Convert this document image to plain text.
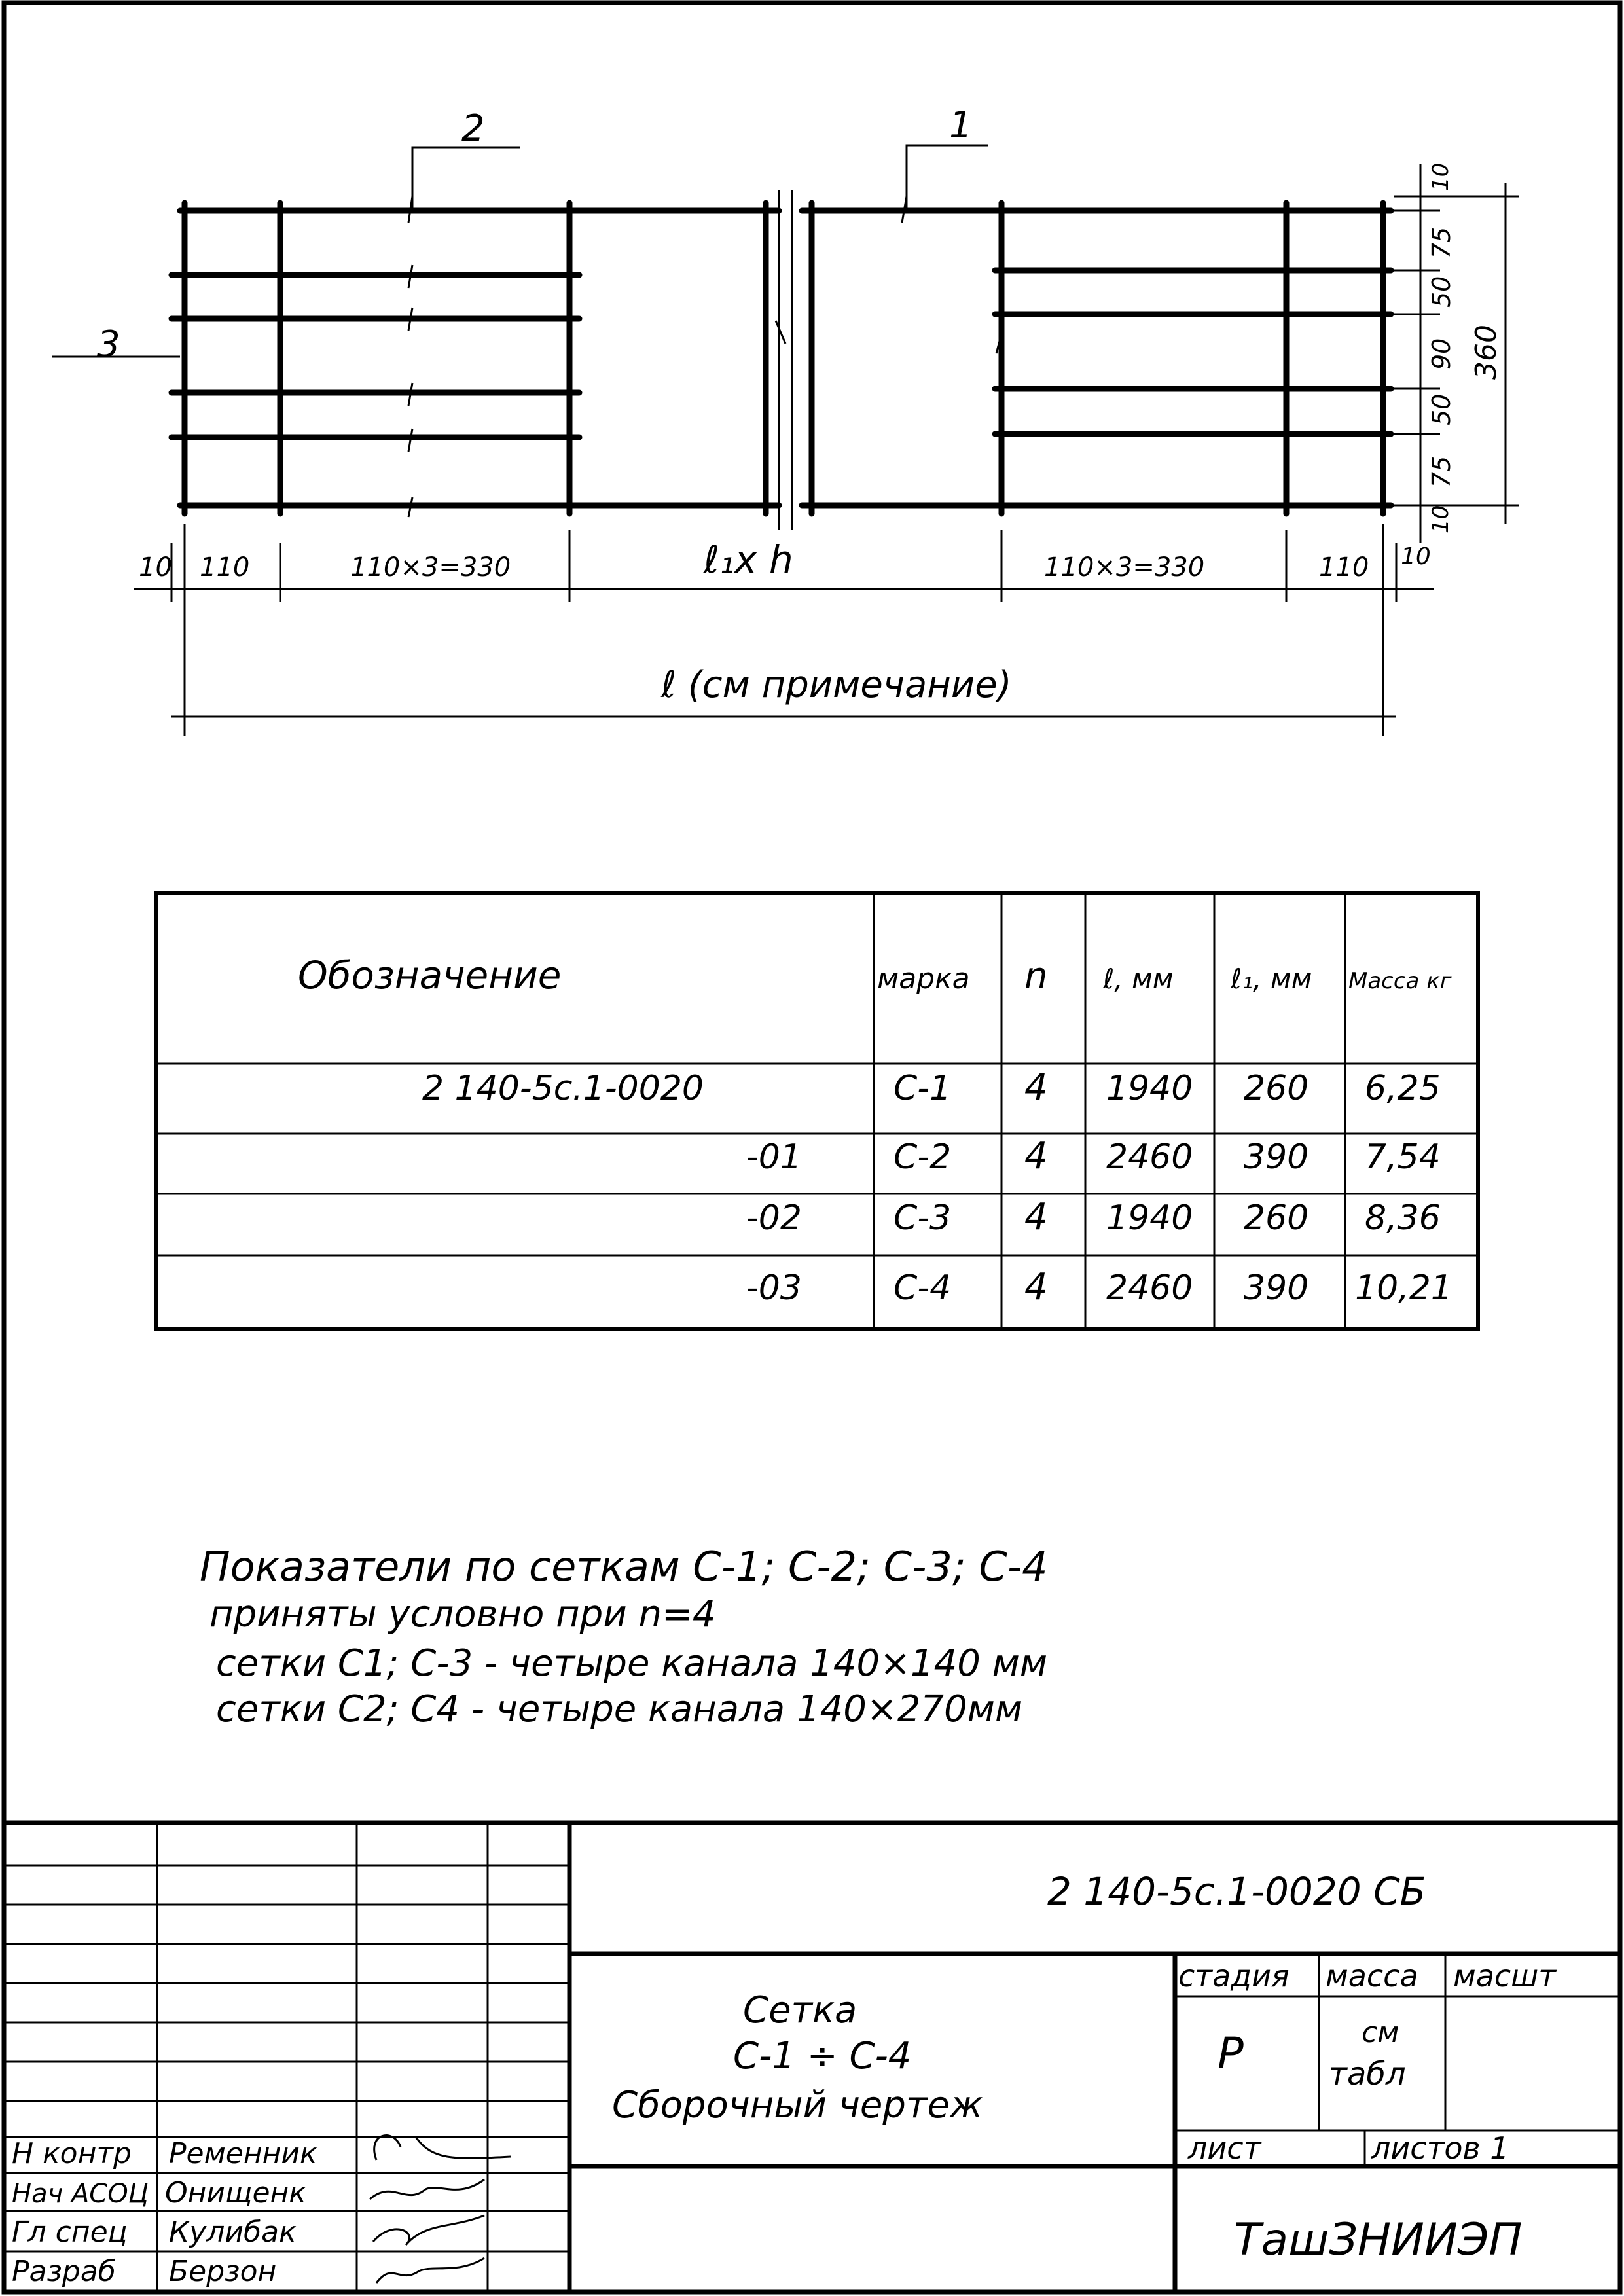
2	1
3
10 110	110×3=330	ℓ₁x h	110×3=330	110 10
ℓ (см примечание)
10
75
50
90
50
75
10
360
Обозначение	марка n ℓ, мм ℓ₁, мм Масса кг
2 140-5с.1-0020	С-1 4 1940 260 6,25
-01	С-2 4 2460 390 7,54
-02	С-3 4 1940 260 8,36
-03	С-4 4 2460 390 10,21
Показатели по сеткам С-1; С-2; С-3; С-4
приняты условно при n=4
сетки С1; С-3 - четыре канала 140×140 мм
сетки С2; С4 - четыре канала 140×270мм
Н контр Ременник
Нач АСОЦ Онищенк
Гл спец Кулибак
Разраб Берзон
2 140-5с.1-0020 СБ
Сетка
С-1 ÷ С-4
Сборочный чертеж
стадия масса масшт
Р	см
табл
лист	листов 1
ТашЗНИИЭП
